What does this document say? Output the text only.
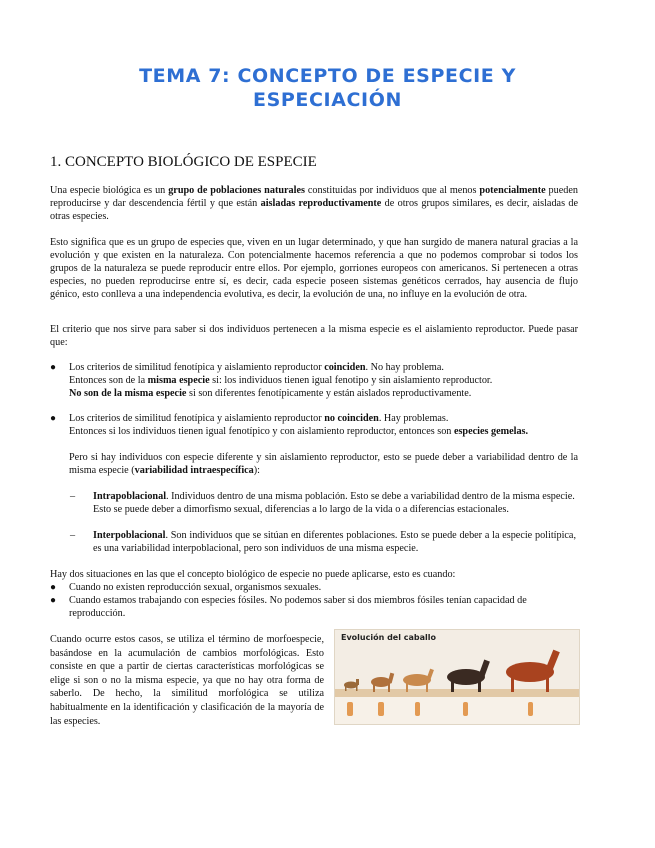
TEMA 7: CONCEPTO DE ESPECIE Y
ESPECIACIÓN
1. CONCEPTO BIOLÓGICO DE ESPECIE

Una especie biológica es un grupo de poblaciones naturales constituidas por individuos que al menos potencialmente pueden reproducirse y dar descendencia fértil y que están aisladas reproductivamente de otros grupos similares, es decir, aisladas de otras especies.

Esto significa que es un grupo de especies que, viven en un lugar determinado, y que han surgido de manera natural gracias a la evolución y que existen en la naturaleza. Con potencialmente hacemos referencia a que no podemos comprobar si todos los grupos de la naturaleza se puede reproducir entre ellos. Por ejemplo, gorriones europeos con americanos. Si pertenecen a otras especies, no pueden reproducirse entre sí, es decir, cada especie poseen sistemas genéticos cerrados, hay ausencia de flujo génico, esto conlleva a una independencia evolutiva, es decir, la evolución de una, no influye en la evolución de otra.

El criterio que nos sirve para saber si dos individuos pertenecen a la misma especie es el aislamiento reproductor. Puede pasar que:

● Los criterios de similitud fenotípica y aislamiento reproductor coinciden. No hay problema.
Entonces son de la misma especie si: los individuos tienen igual fenotipo y sin aislamiento reproductor.
No son de la misma especie si son diferentes fenotípicamente y están aislados reproductivamente.
● Los criterios de similitud fenotípica y aislamiento reproductor no coinciden. Hay problemas.
Entonces si los individuos tienen igual fenotípico y con aislamiento reproductor, entonces son especies gemelas.

Pero si hay individuos con especie diferente y sin aislamiento reproductor, esto se puede deber a variabilidad dentro de la misma especie (variabilidad intraespecífica):

– Intrapoblacional. Individuos dentro de una misma población. Esto se debe a variabilidad dentro de la misma especie.
Esto se puede deber a dimorfismo sexual, diferencias a lo largo de la vida o a diferencias estacionales.
– Interpoblacional. Son individuos que se sitúan en diferentes poblaciones. Esto se puede deber a la especie politípica, es una variabilidad interpoblacional, pero son individuos de una misma especie.

Hay dos situaciones en las que el concepto biológico de especie no puede aplicarse, esto es cuando:

● Cuando no existen reproducción sexual, organismos sexuales.
● Cuando estamos trabajando con especies fósiles. No podemos saber si dos miembros fósiles tenían capacidad de reproducción.

Cuando ocurre estos casos, se utiliza el término de morfoespecie, basándose en la acumulación de cambios morfológicas. Esto consiste en que a partir de ciertas características morfológicas se elige si son o no la misma especie, ya que no hay otra forma de saberlo. De hecho, la similitud morfológica se utiliza habitualmente en la identificación y clasificación de la mayoría de las especies.

Evolución del caballo
